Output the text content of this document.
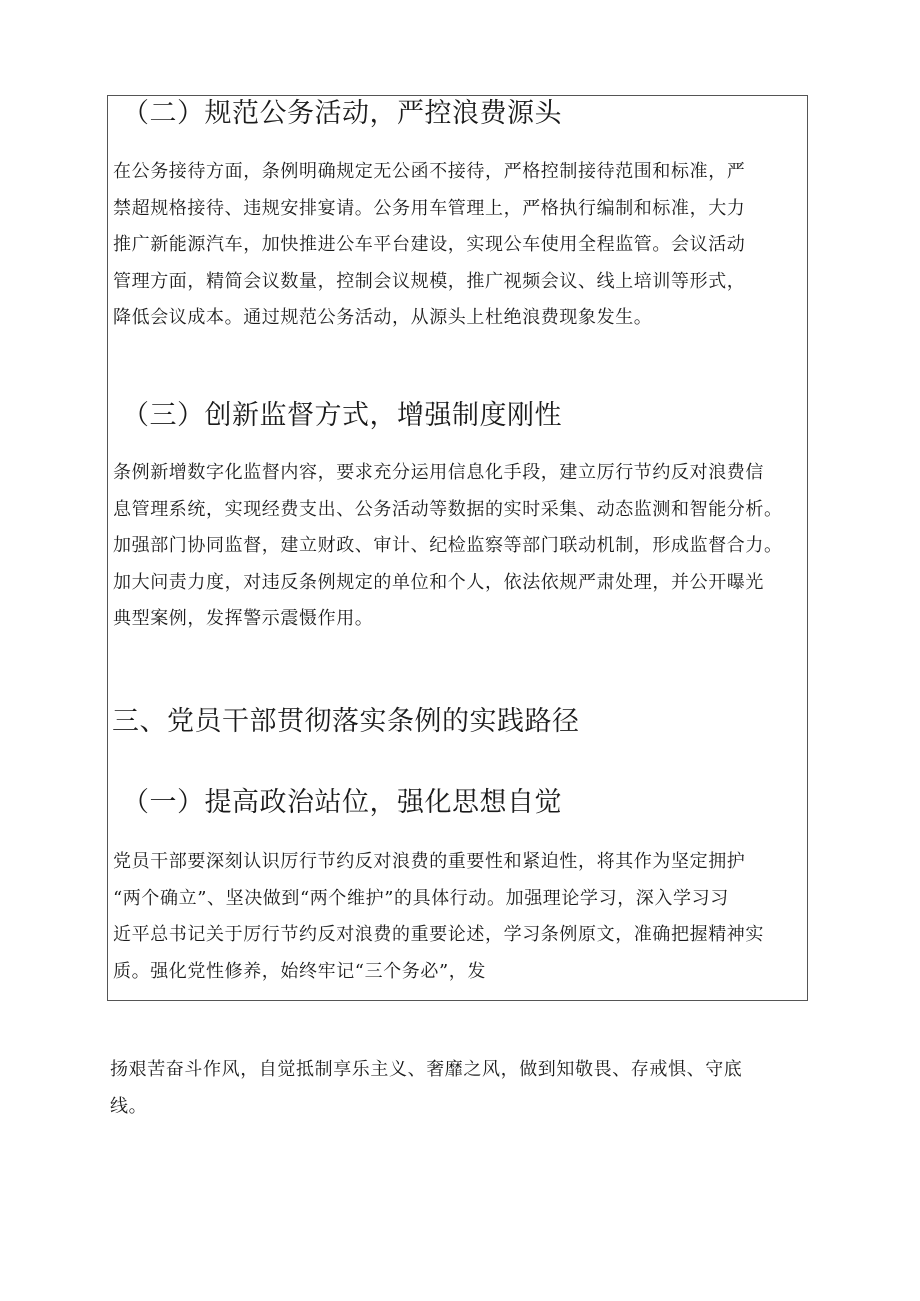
（二）规范公务活动，严控浪费源头
在公务接待方面，条例明确规定无公函不接待，严格控制接待范围和标准，严
禁超规格接待、违规安排宴请。公务用车管理上，严格执行编制和标准，大力
推广新能源汽车，加快推进公车平台建设，实现公车使用全程监管。会议活动
管理方面，精简会议数量，控制会议规模，推广视频会议、线上培训等形式，
降低会议成本。通过规范公务活动，从源头上杜绝浪费现象发生。
（三）创新监督方式，增强制度刚性
条例新增数字化监督内容，要求充分运用信息化手段，建立厉行节约反对浪费信
息管理系统，实现经费支出、公务活动等数据的实时采集、动态监测和智能分析。
加强部门协同监督，建立财政、审计、纪检监察等部门联动机制，形成监督合力。
加大问责力度，对违反条例规定的单位和个人，依法依规严肃处理，并公开曝光
典型案例，发挥警示震慑作用。
三、党员干部贯彻落实条例的实践路径
（一）提高政治站位，强化思想自觉
党员干部要深刻认识厉行节约反对浪费的重要性和紧迫性，将其作为坚定拥护
“两个确立”、坚决做到“两个维护”的具体行动。加强理论学习，深入学习习
近平总书记关于厉行节约反对浪费的重要论述，学习条例原文，准确把握精神实
质。强化党性修养，始终牢记“三个务必”，发
扬艰苦奋斗作风，自觉抵制享乐主义、奢靡之风，做到知敬畏、存戒惧、守底
线。
